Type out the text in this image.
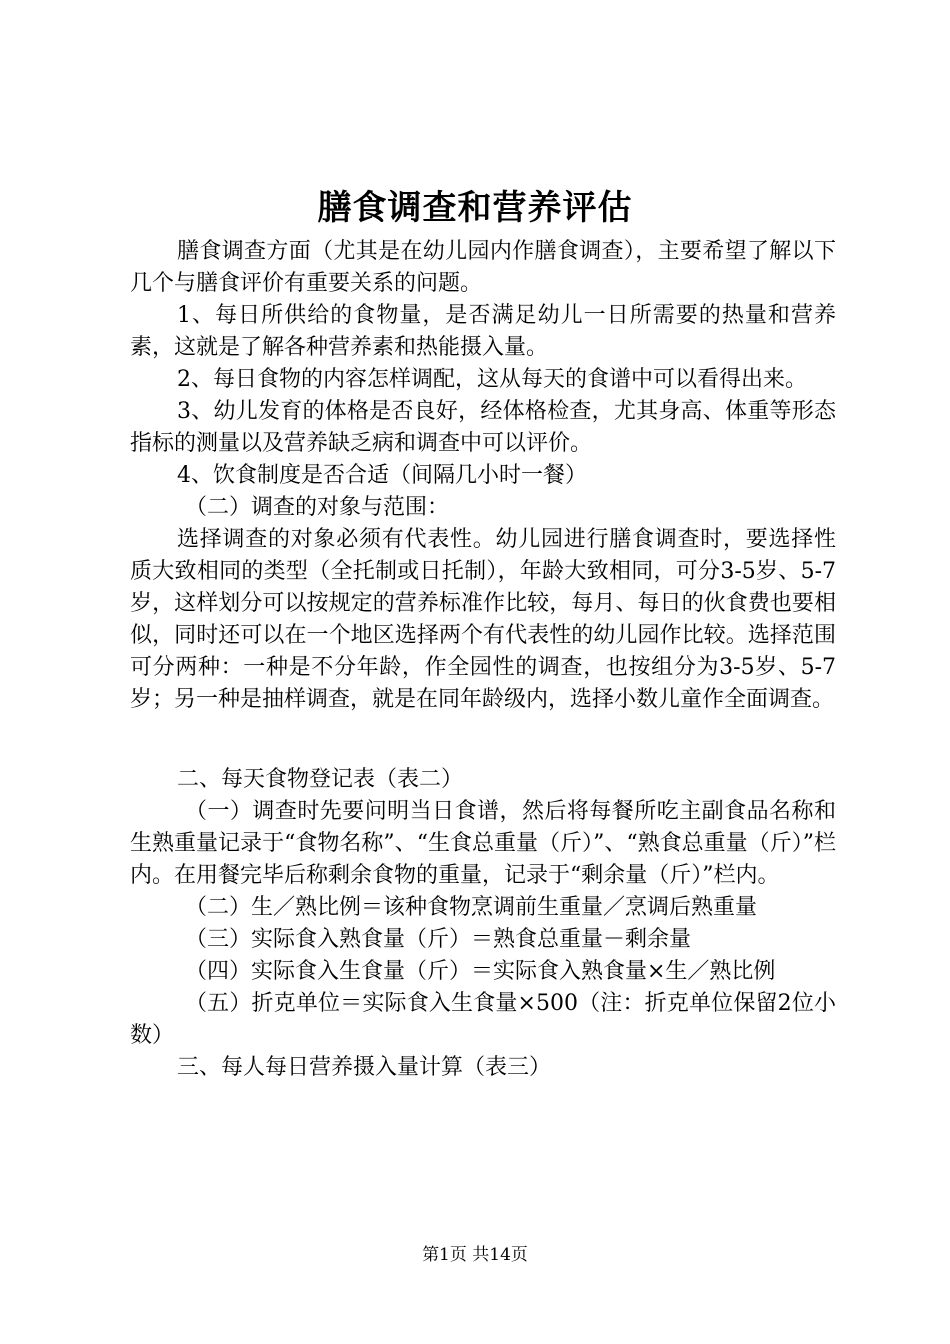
膳食调查和营养评估

膳食调查方面（尤其是在幼儿园内作膳食调查），主要希望了解以下几个与膳食评价有重要关系的问题。

1、每日所供给的食物量，是否满足幼儿一日所需要的热量和营养素，这就是了解各种营养素和热能摄入量。

2、每日食物的内容怎样调配，这从每天的食谱中可以看得出来。

3、幼儿发育的体格是否良好，经体格检查，尤其身高、体重等形态指标的测量以及营养缺乏病和调查中可以评价。

4、饮食制度是否合适（间隔几小时一餐）

（二）调查的对象与范围：

选择调查的对象必须有代表性。幼儿园进行膳食调查时，要选择性质大致相同的类型（全托制或日托制），年龄大致相同，可分3-5岁、5-7岁，这样划分可以按规定的营养标准作比较，每月、每日的伙食费也要相似，同时还可以在一个地区选择两个有代表性的幼儿园作比较。选择范围可分两种：一种是不分年龄，作全园性的调查，也按组分为3-5岁、5-7岁；另一种是抽样调查，就是在同年龄级内，选择小数儿童作全面调查。

二、每天食物登记表（表二）

（一）调查时先要问明当日食谱，然后将每餐所吃主副食品名称和生熟重量记录于“食物名称”、“生食总重量（斤）”、“熟食总重量（斤）”栏内。在用餐完毕后称剩余食物的重量，记录于“剩余量（斤）”栏内。

（二）生／熟比例＝该种食物烹调前生重量／烹调后熟重量

（三）实际食入熟食量（斤）＝熟食总重量－剩余量

（四）实际食入生食量（斤）＝实际食入熟食量×生／熟比例

（五）折克单位＝实际食入生食量×500（注：折克单位保留2位小数）

三、每人每日营养摄入量计算（表三）

第1页 共14页
